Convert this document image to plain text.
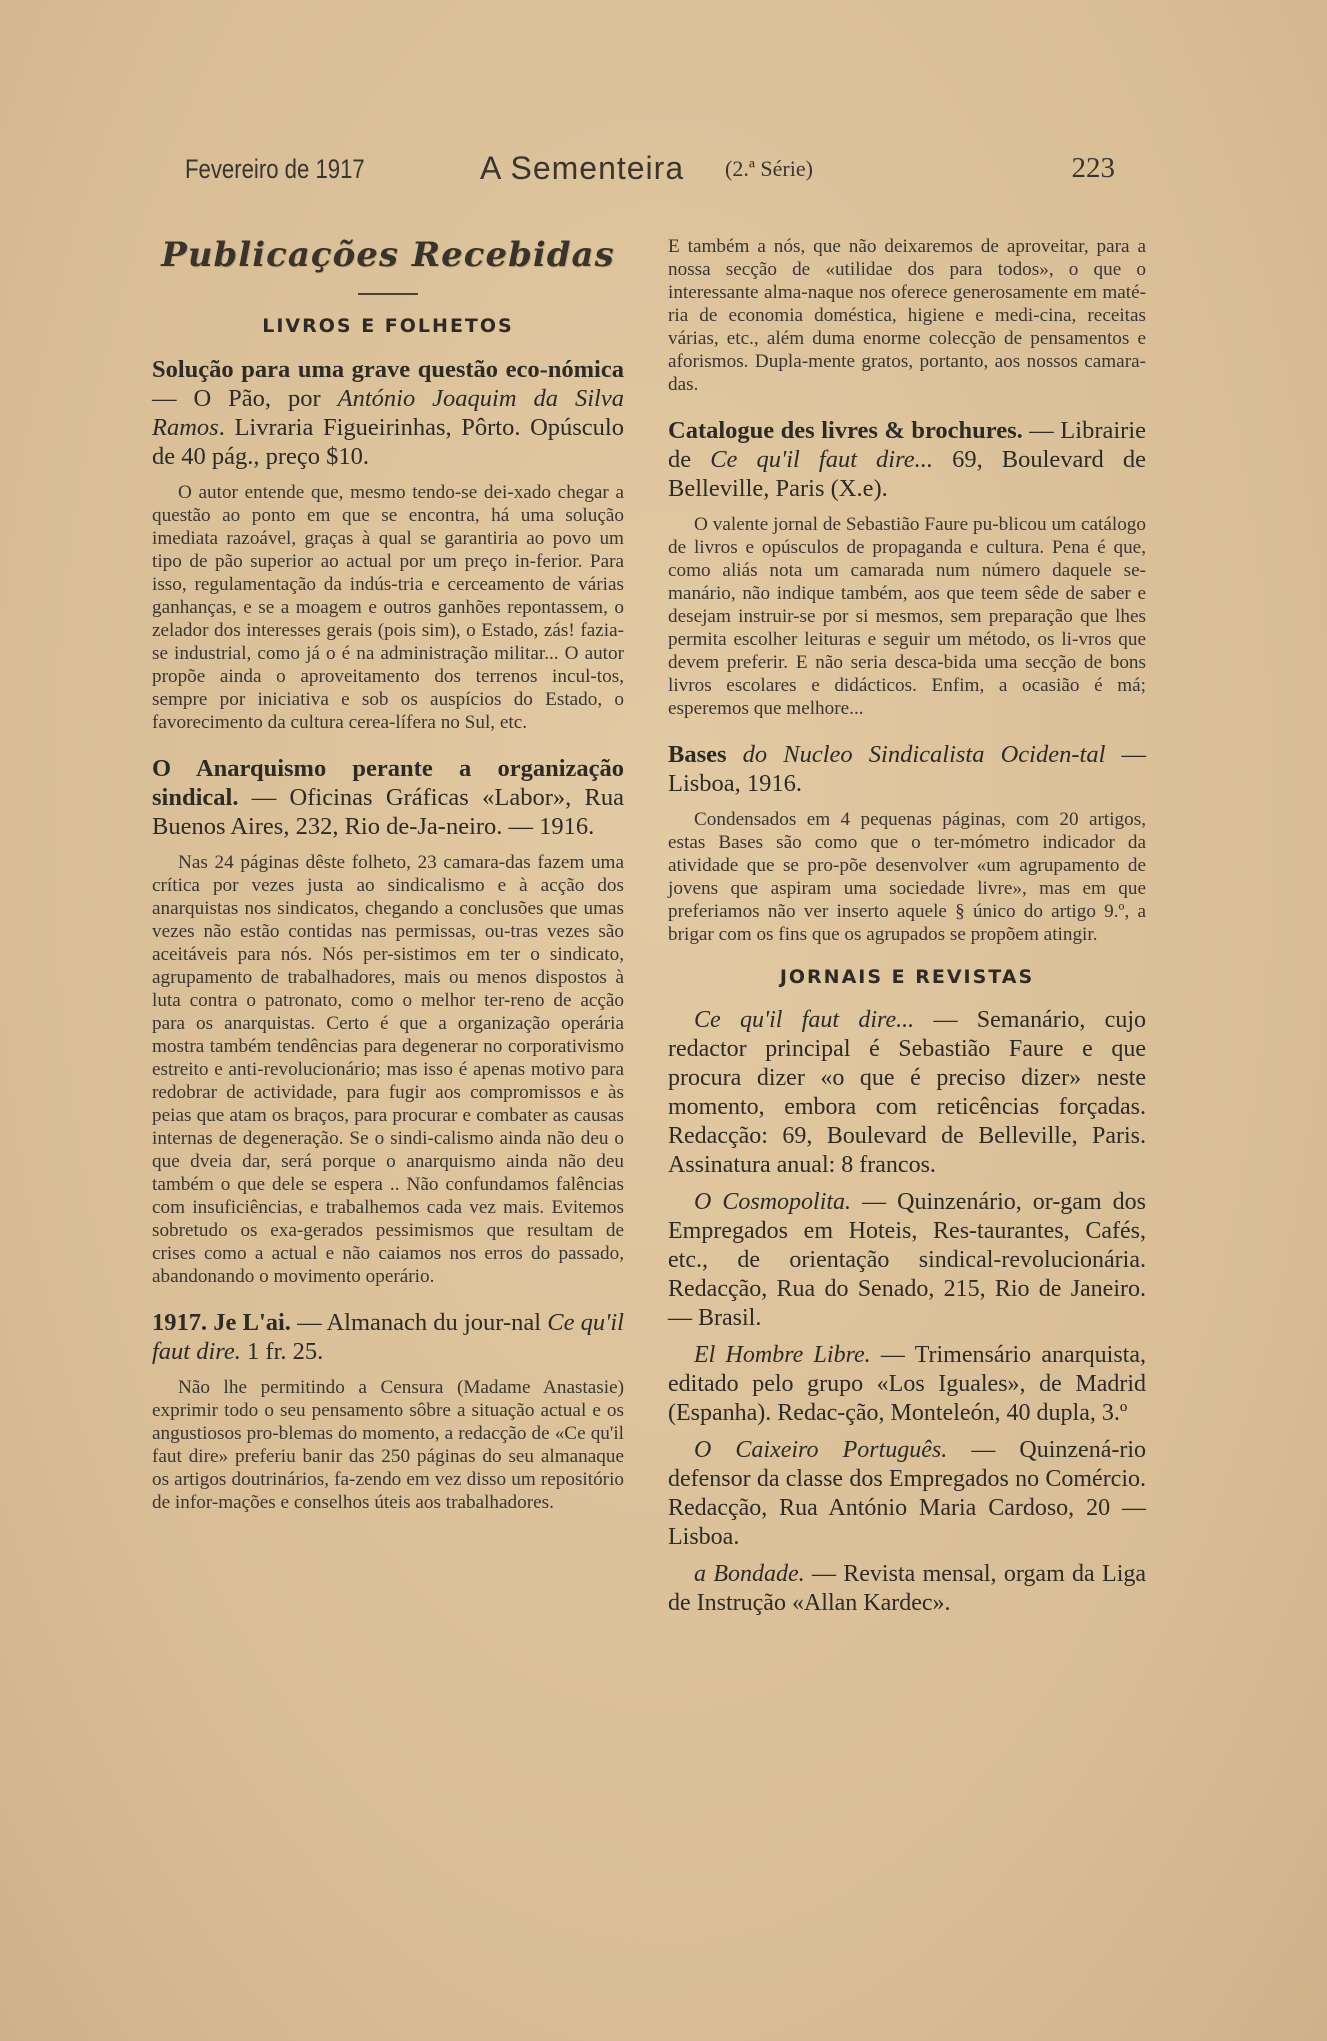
Fevereiro de 1917	A Sementeira (2.ª Série)	223
Publicações Recebidas
LIVROS E FOLHETOS
Solução para uma grave questão eco-nómica — O Pão, por António Joaquim da Silva Ramos. Livraria Figueirinhas, Pôrto. Opúsculo de 40 pág., preço $10.

O autor entende que, mesmo tendo-se dei-xado chegar a questão ao ponto em que se encontra, há uma solução imediata razoável, graças à qual se garantiria ao povo um tipo de pão superior ao actual por um preço in-ferior. Para isso, regulamentação da indús-tria e cerceamento de várias ganhanças, e se a moagem e outros ganhões repontassem, o zelador dos interesses gerais (pois sim), o Estado, zás! fazia-se industrial, como já o é na administração militar... O autor propõe ainda o aproveitamento dos terrenos incul-tos, sempre por iniciativa e sob os auspícios do Estado, o favorecimento da cultura cerea-lífera no Sul, etc.

O Anarquismo perante a organização sindical. — Oficinas Gráficas «Labor», Rua Buenos Aires, 232, Rio de-Ja-neiro. — 1916.

Nas 24 páginas dêste folheto, 23 camara-das fazem uma crítica por vezes justa ao sindicalismo e à acção dos anarquistas nos sindicatos, chegando a conclusões que umas vezes não estão contidas nas permissas, ou-tras vezes são aceitáveis para nós. Nós per-sistimos em ter o sindicato, agrupamento de trabalhadores, mais ou menos dispostos à luta contra o patronato, como o melhor ter-reno de acção para os anarquistas. Certo é que a organização operária mostra também tendências para degenerar no corporativismo estreito e anti-revolucionário; mas isso é apenas motivo para redobrar de actividade, para fugir aos compromissos e às peias que atam os braços, para procurar e combater as causas internas de degeneração. Se o sindi-calismo ainda não deu o que dveia dar, será porque o anarquismo ainda não deu também o que dele se espera .. Não confundamos falências com insuficiências, e trabalhemos cada vez mais. Evitemos sobretudo os exa-gerados pessimismos que resultam de crises como a actual e não caiamos nos erros do passado, abandonando o movimento operário.

1917. Je L'ai. — Almanach du jour-nal Ce qu'il faut dire. 1 fr. 25.

Não lhe permitindo a Censura (Madame Anastasie) exprimir todo o seu pensamento sôbre a situação actual e os angustiosos pro-blemas do momento, a redacção de «Ce qu'il faut dire» preferiu banir das 250 páginas do seu almanaque os artigos doutrinários, fa-zendo em vez disso um repositório de infor-mações e conselhos úteis aos trabalhadores.

E também a nós, que não deixaremos de aproveitar, para a nossa secção de «utilidae dos para todos», o que o interessante alma-naque nos oferece generosamente em maté-ria de economia doméstica, higiene e medi-cina, receitas várias, etc., além duma enorme colecção de pensamentos e aforismos. Dupla-mente gratos, portanto, aos nossos camara-das.

Catalogue des livres & brochures. — Librairie de Ce qu'il faut dire... 69, Boulevard de Belleville, Paris (X.e).

O valente jornal de Sebastião Faure pu-blicou um catálogo de livros e opúsculos de propaganda e cultura. Pena é que, como aliás nota um camarada num número daquele se-manário, não indique também, aos que teem sêde de saber e desejam instruir-se por si mesmos, sem preparação que lhes permita escolher leituras e seguir um método, os li-vros que devem preferir. E não seria desca-bida uma secção de bons livros escolares e didácticos. Enfim, a ocasião é má; esperemos que melhore...

Bases do Nucleo Sindicalista Ociden-tal — Lisboa, 1916.

Condensados em 4 pequenas páginas, com 20 artigos, estas Bases são como que o ter-mómetro indicador da atividade que se pro-põe desenvolver «um agrupamento de jovens que aspiram uma sociedade livre», mas em que preferiamos não ver inserto aquele § único do artigo 9.º, a brigar com os fins que os agrupados se propõem atingir.

JORNAIS E REVISTAS

Ce qu'il faut dire... — Semanário, cujo redactor principal é Sebastião Faure e que procura dizer «o que é preciso dizer» neste momento, embora com reticências forçadas. Redacção: 69, Boulevard de Belleville, Paris. Assinatura anual: 8 francos.

O Cosmopolita. — Quinzenário, or-gam dos Empregados em Hoteis, Res-taurantes, Cafés, etc., de orientação sindical-revolucionária. Redacção, Rua do Senado, 215, Rio de Janeiro. — Brasil.

El Hombre Libre. — Trimensário anarquista, editado pelo grupo «Los Iguales», de Madrid (Espanha). Redac-ção, Monteleón, 40 dupla, 3.º

O Caixeiro Português. — Quinzená-rio defensor da classe dos Empregados no Comércio. Redacção, Rua António Maria Cardoso, 20 — Lisboa.

a Bondade. — Revista mensal, orgam da Liga de Instrução «Allan Kardec».
